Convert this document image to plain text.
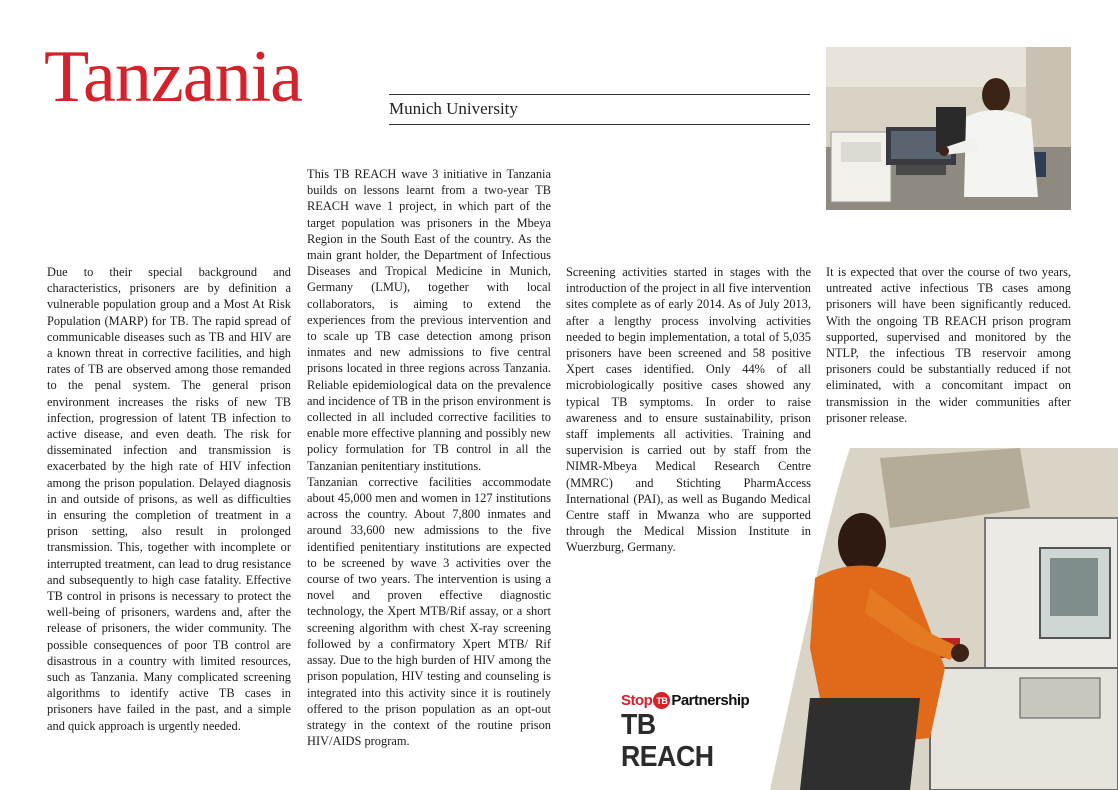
Tanzania	Munich University

Due to their special background and characteristics, prisoners are by definition a vulnerable population group and a Most At Risk Population (MARP) for TB. The rapid spread of communicable diseases such as TB and HIV are a known threat in corrective facilities, and high rates of TB are observed among those remanded to the penal system. The general prison environment increases the risks of new TB infection, progression of latent TB infection to active disease, and even death. The risk for disseminated infection and transmission is exacerbated by the high rate of HIV infection among the prison population. Delayed diagnosis in and outside of prisons, as well as difficulties in ensuring the completion of treatment in a prison setting, also result in prolonged transmission. This, together with incomplete or interrupted treatment, can lead to drug resistance and subsequently to high case fatality. Effective TB control in prisons is necessary to protect the well-being of prisoners, wardens and, after the release of prisoners, the wider community. The possible consequences of poor TB control are disastrous in a country with limited resources, such as Tanzania. Many complicated screening algorithms to identify active TB cases in prisoners have failed in the past, and a simple and quick approach is urgently needed.

This TB REACH wave 3 initiative in Tanzania builds on lessons learnt from a two-year TB REACH wave 1 project, in which part of the target population was prisoners in the Mbeya Region in the South East of the country. As the main grant holder, the Department of Infectious Diseases and Tropical Medicine in Munich, Germany (LMU), together with local collaborators, is aiming to extend the experiences from the previous intervention and to scale up TB case detection among prison inmates and new admissions to five central prisons located in three regions across Tanzania. Reliable epidemiological data on the prevalence and incidence of TB in the prison environment is collected in all included corrective facilities to enable more effective planning and possibly new policy formulation for TB control in all the Tanzanian penitentiary institutions.

Tanzanian corrective facilities accommodate about 45,000 men and women in 127 institutions across the country. About 7,800 inmates and around 33,600 new admissions to the five identified penitentiary institutions are expected to be screened by wave 3 activities over the course of two years. The intervention is using a novel and proven effective diagnostic technology, the Xpert MTB/Rif assay, or a short screening algorithm with chest X-ray screening followed by a confirmatory Xpert MTB/ Rif assay. Due to the high burden of HIV among the prison population, HIV testing and counseling is integrated into this activity since it is routinely offered to the prison population as an opt-out strategy in the context of the routine prison HIV/AIDS program.

Screening activities started in stages with the introduction of the project in all five intervention sites complete as of early 2014. As of July 2013, after a lengthy process involving activities needed to begin implementation, a total of 5,035 prisoners have been screened and 58 positive Xpert cases identified. Only 44% of all microbiologically positive cases showed any typical TB symptoms. In order to raise awareness and to ensure sustainability, prison staff implements all activities. Training and supervision is carried out by staff from the NIMR-Mbeya Medical Research Centre (MMRC) and Stichting PharmAccess International (PAI), as well as Bugando Medical Centre staff in Mwanza who are supported through the Medical Mission Institute in Wuerzburg, Germany.

It is expected that over the course of two years, untreated active infectious TB cases among prisoners will have been significantly reduced. With the ongoing TB REACH prison program supported, supervised and monitored by the NTLP, the infectious TB reservoir among prisoners could be substantially reduced if not eliminated, with a concomitant impact on transmission in the wider communities after prisoner release.

Stop TB Partnership
TB REACH
